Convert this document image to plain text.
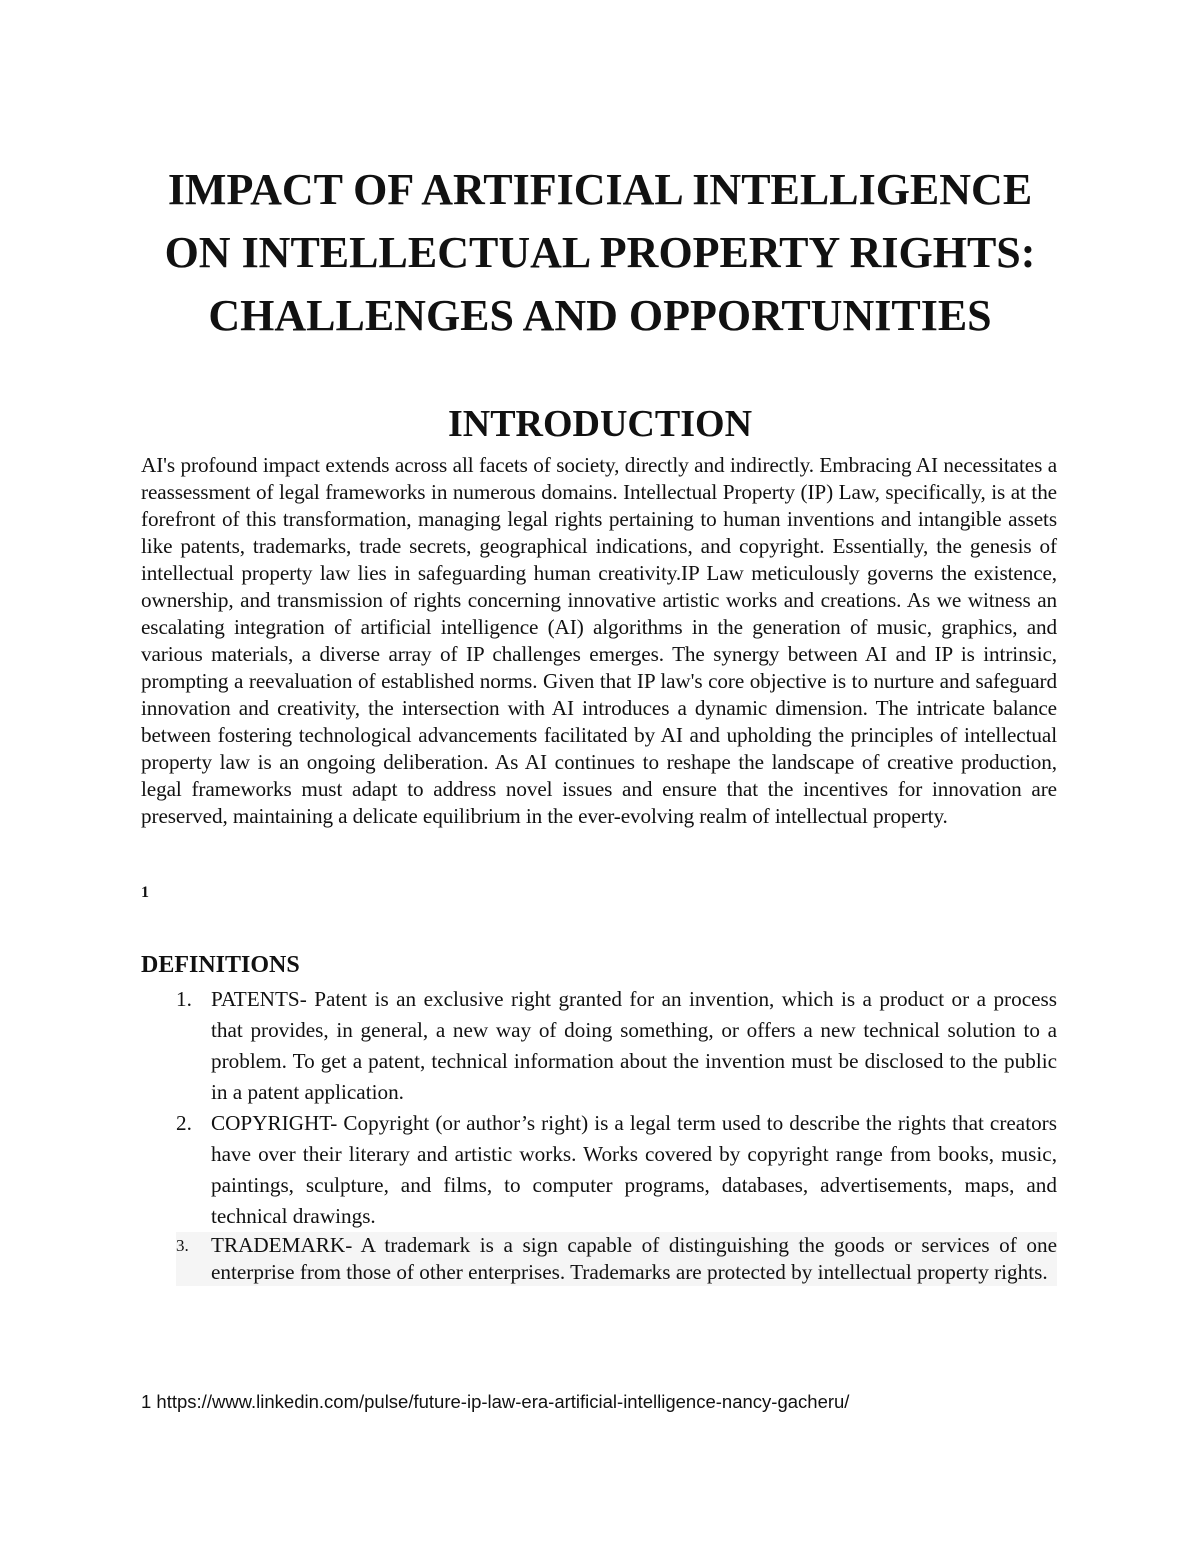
IMPACT OF ARTIFICIAL INTELLIGENCE
ON INTELLECTUAL PROPERTY RIGHTS:
CHALLENGES AND OPPORTUNITIES
INTRODUCTION

AI's profound impact extends across all facets of society, directly and indirectly. Embracing AI necessitates a reassessment of legal frameworks in numerous domains. Intellectual Property (IP) Law, specifically, is at the forefront of this transformation, managing legal rights pertaining to human inventions and intangible assets like patents, trademarks, trade secrets, geographical indications, and copyright. Essentially, the genesis of intellectual property law lies in safeguarding human creativity.IP Law meticulously governs the existence, ownership, and transmission of rights concerning innovative artistic works and creations. As we witness an escalating integration of artificial intelligence (AI) algorithms in the generation of music, graphics, and various materials, a diverse array of IP challenges emerges. The synergy between AI and IP is intrinsic, prompting a reevaluation of established norms. Given that IP law's core objective is to nurture and safeguard innovation and creativity, the intersection with AI introduces a dynamic dimension. The intricate balance between fostering technological advancements facilitated by AI and upholding the principles of intellectual property law is an ongoing deliberation. As AI continues to reshape the landscape of creative production, legal frameworks must adapt to address novel issues and ensure that the incentives for innovation are preserved, maintaining a delicate equilibrium in the ever-evolving realm of intellectual property.

1
DEFINITIONS
1. PATENTS- Patent is an exclusive right granted for an invention, which is a product or a process that provides, in general, a new way of doing something, or offers a new technical solution to a problem. To get a patent, technical information about the invention must be disclosed to the public in a patent application.
2. COPYRIGHT- Copyright (or author’s right) is a legal term used to describe the rights that creators have over their literary and artistic works. Works covered by copyright range from books, music, paintings, sculpture, and films, to computer programs, databases, advertisements, maps, and technical drawings.
3. TRADEMARK- A trademark is a sign capable of distinguishing the goods or services of one enterprise from those of other enterprises. Trademarks are protected by intellectual property rights.
1 https://www.linkedin.com/pulse/future-ip-law-era-artificial-intelligence-nancy-gacheru/
